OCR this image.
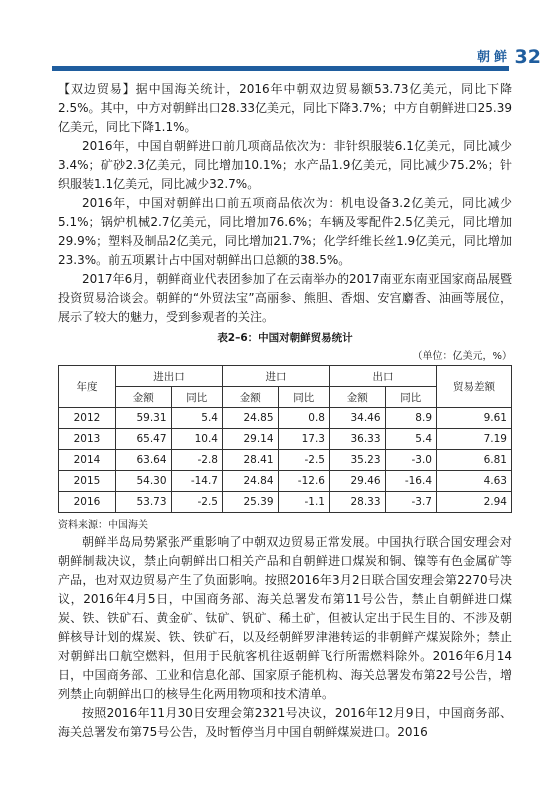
朝鲜 32

【双边贸易】据中国海关统计，2016年中朝双边贸易额53.73亿美元，同比下降2.5%。其中，中方对朝鲜出口28.33亿美元，同比下降3.7%；中方自朝鲜进口25.39亿美元，同比下降1.1%。

2016年，中国自朝鲜进口前几项商品依次为：非针织服装6.1亿美元，同比减少3.4%；矿砂2.3亿美元，同比增加10.1%；水产品1.9亿美元，同比减少75.2%；针织服装1.1亿美元，同比减少32.7%。

2016年，中国对朝鲜出口前五项商品依次为：机电设备3.2亿美元，同比减少5.1%；锅炉机械2.7亿美元，同比增加76.6%；车辆及零配件2.5亿美元，同比增加29.9%；塑料及制品2亿美元，同比增加21.7%；化学纤维长丝1.9亿美元，同比增加23.3%。前五项累计占中国对朝鲜出口总额的38.5%。

2017年6月，朝鲜商业代表团参加了在云南举办的2017南亚东南亚国家商品展暨投资贸易洽谈会。朝鲜的“外贸法宝”高丽参、熊胆、香烟、安宫麝香、油画等展位，展示了较大的魅力，受到参观者的关注。

表2–6：中国对朝鲜贸易统计
（单位：亿美元，%）
年度	进出口		进口		出口		贸易差额
	金额	同比	金额	同比	金额	同比	
2012	59.31	5.4	24.85	0.8	34.46	8.9	9.61
2013	65.47	10.4	29.14	17.3	36.33	5.4	7.19
2014	63.64	-2.8	28.41	-2.5	35.23	-3.0	6.81
2015	54.30	-14.7	24.84	-12.6	29.46	-16.4	4.63
2016	53.73	-2.5	25.39	-1.1	28.33	-3.7	2.94
资料来源：中国海关

朝鲜半岛局势紧张严重影响了中朝双边贸易正常发展。中国执行联合国安理会对朝鲜制裁决议，禁止向朝鲜出口相关产品和自朝鲜进口煤炭和铜、镍等有色金属矿等产品，也对双边贸易产生了负面影响。按照2016年3月2日联合国安理会第2270号决议，2016年4月5日，中国商务部、海关总署发布第11号公告，禁止自朝鲜进口煤炭、铁、铁矿石、黄金矿、钛矿、钒矿、稀土矿，但被认定出于民生目的、不涉及朝鲜核导计划的煤炭、铁、铁矿石，以及经朝鲜罗津港转运的非朝鲜产煤炭除外；禁止对朝鲜出口航空燃料，但用于民航客机往返朝鲜飞行所需燃料除外。2016年6月14日，中国商务部、工业和信息化部、国家原子能机构、海关总署发布第22号公告，增列禁止向朝鲜出口的核导生化两用物项和技术清单。

按照2016年11月30日安理会第2321号决议，2016年12月9日，中国商务部、海关总署发布第75号公告，及时暂停当月中国自朝鲜煤炭进口。2016
